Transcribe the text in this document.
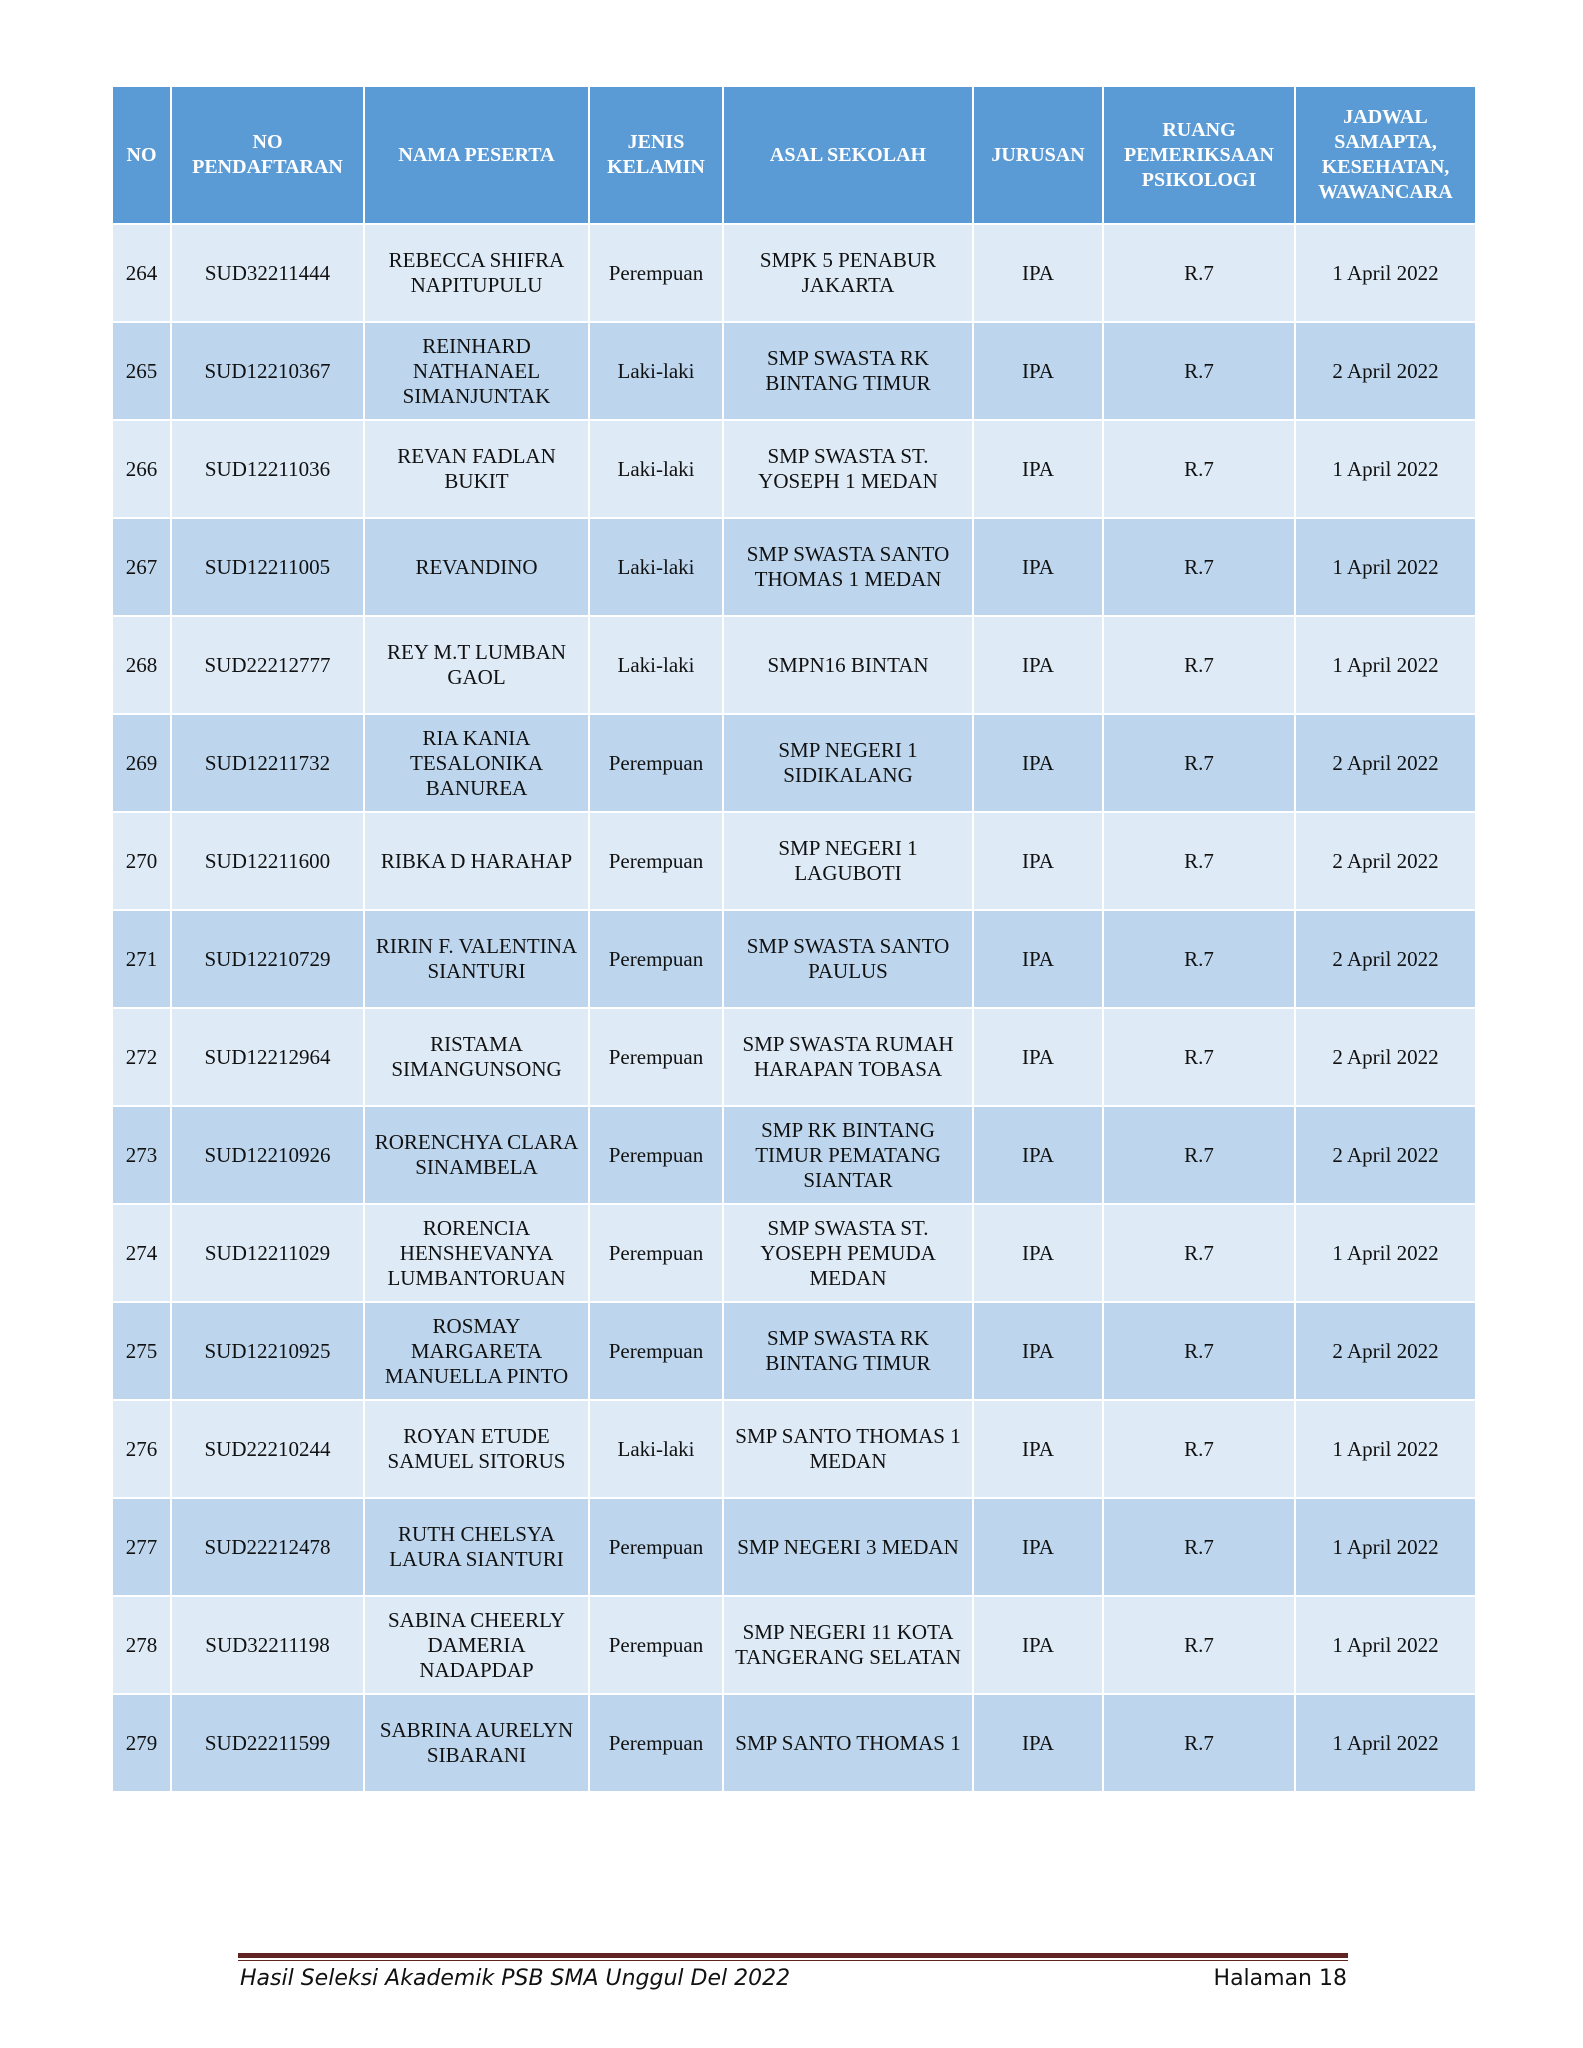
NO	NO PENDAFTARAN	NAMA PESERTA	JENIS KELAMIN	ASAL SEKOLAH	JURUSAN	RUANG PEMERIKSAAN PSIKOLOGI	JADWAL SAMAPTA, KESEHATAN, WAWANCARA
264	SUD32211444	REBECCA SHIFRA NAPITUPULU	Perempuan	SMPK 5 PENABUR JAKARTA	IPA	R.7	1 April 2022
265	SUD12210367	REINHARD NATHANAEL SIMANJUNTAK	Laki-laki	SMP SWASTA RK BINTANG TIMUR	IPA	R.7	2 April 2022
266	SUD12211036	REVAN FADLAN BUKIT	Laki-laki	SMP SWASTA ST. YOSEPH 1 MEDAN	IPA	R.7	1 April 2022
267	SUD12211005	REVANDINO	Laki-laki	SMP SWASTA SANTO THOMAS 1 MEDAN	IPA	R.7	1 April 2022
268	SUD22212777	REY M.T LUMBAN GAOL	Laki-laki	SMPN16 BINTAN	IPA	R.7	1 April 2022
269	SUD12211732	RIA KANIA TESALONIKA BANUREA	Perempuan	SMP NEGERI 1 SIDIKALANG	IPA	R.7	2 April 2022
270	SUD12211600	RIBKA D HARAHAP	Perempuan	SMP NEGERI 1 LAGUBOTI	IPA	R.7	2 April 2022
271	SUD12210729	RIRIN F. VALENTINA SIANTURI	Perempuan	SMP SWASTA SANTO PAULUS	IPA	R.7	2 April 2022
272	SUD12212964	RISTAMA SIMANGUNSONG	Perempuan	SMP SWASTA RUMAH HARAPAN TOBASA	IPA	R.7	2 April 2022
273	SUD12210926	RORENCHYA CLARA SINAMBELA	Perempuan	SMP RK BINTANG TIMUR PEMATANG SIANTAR	IPA	R.7	2 April 2022
274	SUD12211029	RORENCIA HENSHEVANYA LUMBANTORUAN	Perempuan	SMP SWASTA ST. YOSEPH PEMUDA MEDAN	IPA	R.7	1 April 2022
275	SUD12210925	ROSMAY MARGARETA MANUELLA PINTO	Perempuan	SMP SWASTA RK BINTANG TIMUR	IPA	R.7	2 April 2022
276	SUD22210244	ROYAN ETUDE SAMUEL SITORUS	Laki-laki	SMP SANTO THOMAS 1 MEDAN	IPA	R.7	1 April 2022
277	SUD22212478	RUTH CHELSYA LAURA SIANTURI	Perempuan	SMP NEGERI 3 MEDAN	IPA	R.7	1 April 2022
278	SUD32211198	SABINA CHEERLY DAMERIA NADAPDAP	Perempuan	SMP NEGERI 11 KOTA TANGERANG SELATAN	IPA	R.7	1 April 2022
279	SUD22211599	SABRINA AURELYN SIBARANI	Perempuan	SMP SANTO THOMAS 1	IPA	R.7	1 April 2022
Hasil Seleksi Akademik PSB SMA Unggul Del 2022	Halaman 18
